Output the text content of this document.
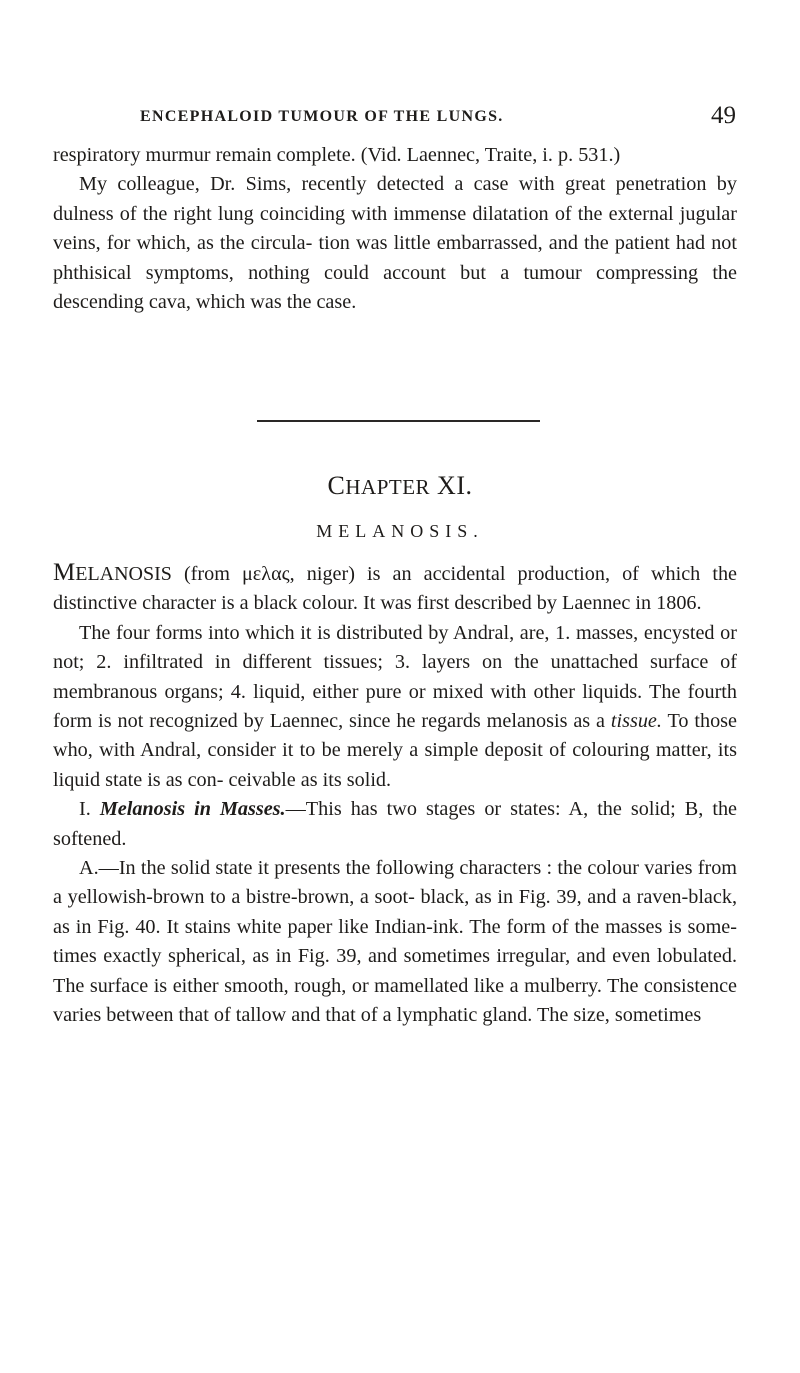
ENCEPHALOID TUMOUR OF THE LUNGS.	49

respiratory murmur remain complete. (Vid. Laennec, Traite, i. p. 531.)

My colleague, Dr. Sims, recently detected a case with great penetration by dulness of the right lung coinciding with immense dilatation of the external jugular veins, for which, as the circula- tion was little embarrassed, and the patient had not phthisical symptoms, nothing could account but a tumour compressing the descending cava, which was the case.

CHAPTER XI.
MELANOSIS.

MELANOSIS (from μελας, niger) is an accidental production, of which the distinctive character is a black colour. It was first described by Laennec in 1806.

The four forms into which it is distributed by Andral, are, 1. masses, encysted or not; 2. infiltrated in different tissues; 3. layers on the unattached surface of membranous organs; 4. liquid, either pure or mixed with other liquids. The fourth form is not recognized by Laennec, since he regards melanosis as a tissue. To those who, with Andral, consider it to be merely a simple deposit of colouring matter, its liquid state is as con- ceivable as its solid.

I. Melanosis in Masses.—This has two stages or states: A, the solid; B, the softened.

A.—In the solid state it presents the following characters : the colour varies from a yellowish-brown to a bistre-brown, a soot- black, as in Fig. 39, and a raven-black, as in Fig. 40. It stains white paper like Indian-ink. The form of the masses is some- times exactly spherical, as in Fig. 39, and sometimes irregular, and even lobulated. The surface is either smooth, rough, or mamellated like a mulberry. The consistence varies between that of tallow and that of a lymphatic gland. The size, sometimes
